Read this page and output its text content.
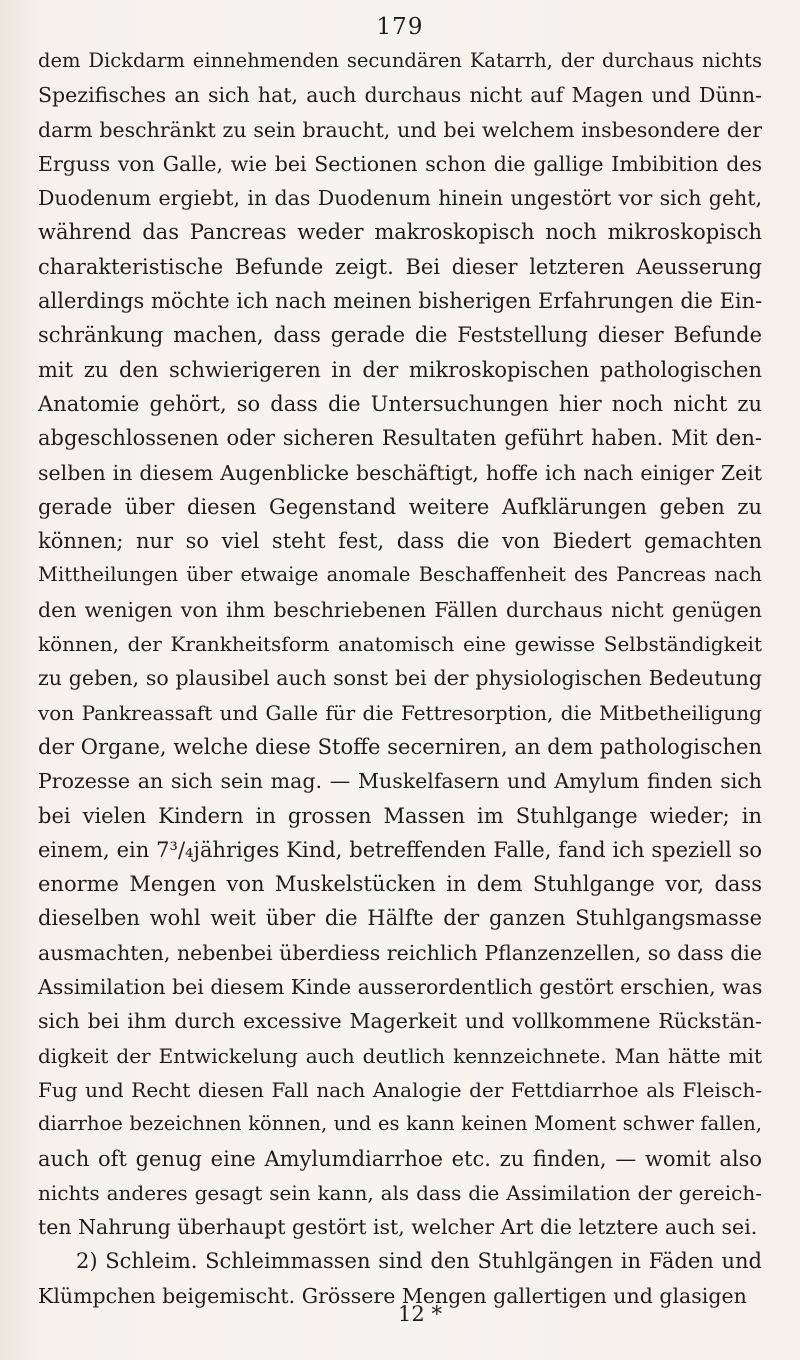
179
dem Dickdarm einnehmenden secundären Katarrh, der durchaus nichts
Spezifisches an sich hat, auch durchaus nicht auf Magen und Dünn-
darm beschränkt zu sein braucht, und bei welchem insbesondere der
Erguss von Galle, wie bei Sectionen schon die gallige Imbibition des
Duodenum ergiebt, in das Duodenum hinein ungestört vor sich geht,
während das Pancreas weder makroskopisch noch mikroskopisch
charakteristische Befunde zeigt. Bei dieser letzteren Aeusserung
allerdings möchte ich nach meinen bisherigen Erfahrungen die Ein-
schränkung machen, dass gerade die Feststellung dieser Befunde
mit zu den schwierigeren in der mikroskopischen pathologischen
Anatomie gehört, so dass die Untersuchungen hier noch nicht zu
abgeschlossenen oder sicheren Resultaten geführt haben. Mit den-
selben in diesem Augenblicke beschäftigt, hoffe ich nach einiger Zeit
gerade über diesen Gegenstand weitere Aufklärungen geben zu
können; nur so viel steht fest, dass die von Biedert gemachten
Mittheilungen über etwaige anomale Beschaffenheit des Pancreas nach
den wenigen von ihm beschriebenen Fällen durchaus nicht genügen
können, der Krankheitsform anatomisch eine gewisse Selbständigkeit
zu geben, so plausibel auch sonst bei der physiologischen Bedeutung
von Pankreassaft und Galle für die Fettresorption, die Mitbetheiligung
der Organe, welche diese Stoffe secerniren, an dem pathologischen
Prozesse an sich sein mag. — Muskelfasern und Amylum finden sich
bei vielen Kindern in grossen Massen im Stuhlgange wieder; in
einem, ein 7³/₄jähriges Kind, betreffenden Falle, fand ich speziell so
enorme Mengen von Muskelstücken in dem Stuhlgange vor, dass
dieselben wohl weit über die Hälfte der ganzen Stuhlgangsmasse
ausmachten, nebenbei überdiess reichlich Pflanzenzellen, so dass die
Assimilation bei diesem Kinde ausserordentlich gestört erschien, was
sich bei ihm durch excessive Magerkeit und vollkommene Rückstän-
digkeit der Entwickelung auch deutlich kennzeichnete. Man hätte mit
Fug und Recht diesen Fall nach Analogie der Fettdiarrhoe als Fleisch-
diarrhoe bezeichnen können, und es kann keinen Moment schwer fallen,
auch oft genug eine Amylumdiarrhoe etc. zu finden, — womit also
nichts anderes gesagt sein kann, als dass die Assimilation der gereich-
ten Nahrung überhaupt gestört ist, welcher Art die letztere auch sei.
2) Schleim. Schleimmassen sind den Stuhlgängen in Fäden und
Klümpchen beigemischt. Grössere Mengen gallertigen und glasigen
12 *
